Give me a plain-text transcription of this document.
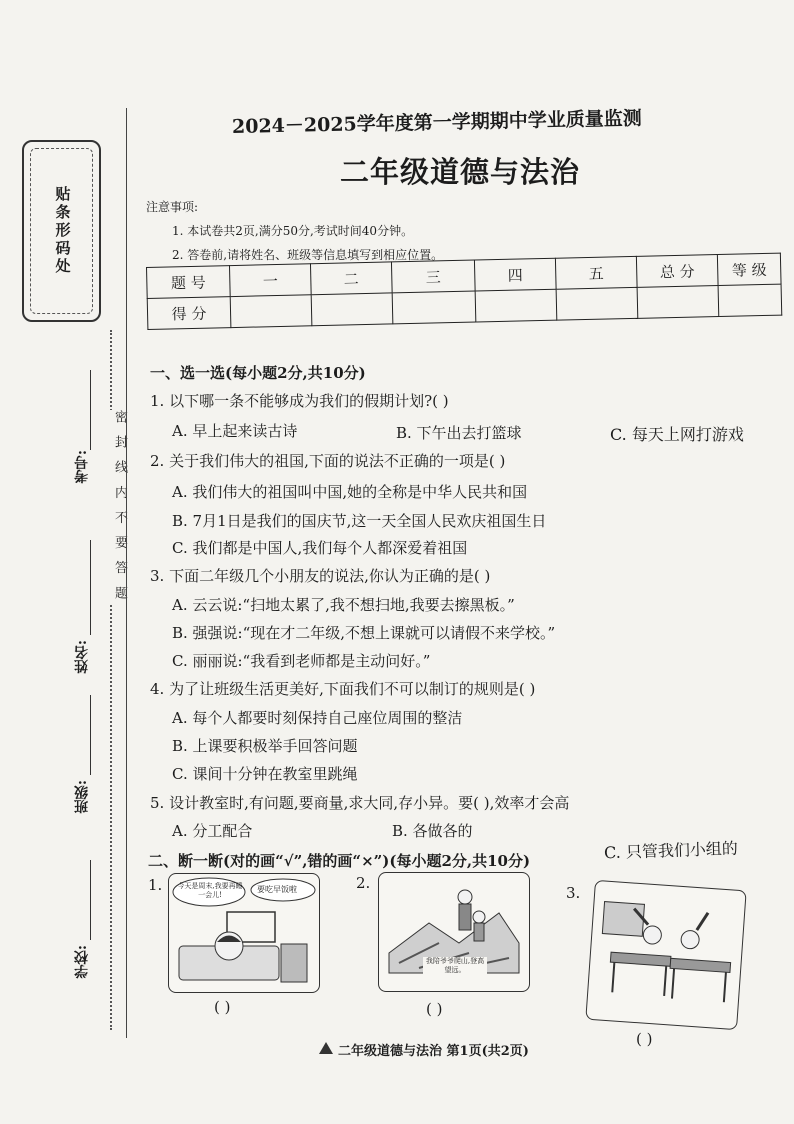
贴条形码处
考号:
姓名:
班级:
学校:
密 封 线 内 不 要 答 题
2024－2025学年度第一学期期中学业质量监测
二年级道德与法治
注意事项:
1. 本试卷共2页,满分50分,考试时间40分钟。
2. 答卷前,请将姓名、班级等信息填写到相应位置。
题 号	一	二	三	四	五	总 分	等 级
得 分							
一、选一选(每小题2分,共10分)
1. 以下哪一条不能够成为我们的假期计划?( )
A. 早上起来读古诗	B. 下午出去打篮球	C. 每天上网打游戏
2. 关于我们伟大的祖国,下面的说法不正确的一项是( )
A. 我们伟大的祖国叫中国,她的全称是中华人民共和国
B. 7月1日是我们的国庆节,这一天全国人民欢庆祖国生日
C. 我们都是中国人,我们每个人都深爱着祖国
3. 下面二年级几个小朋友的说法,你认为正确的是( )
A. 云云说:“扫地太累了,我不想扫地,我要去擦黑板。”
B. 强强说:“现在才二年级,不想上课就可以请假不来学校。”
C. 丽丽说:“我看到老师都是主动问好。”
4. 为了让班级生活更美好,下面我们不可以制订的规则是( )
A. 每个人都要时刻保持自己座位周围的整洁
B. 上课要积极举手回答问题
C. 课间十分钟在教室里跳绳
5. 设计教室时,有问题,要商量,求大同,存小异。要( ),效率才会高
A. 分工配合	B. 各做各的
C. 只管我们小组的
二、断一断(对的画“√”,错的画“×”)(每小题2分,共10分)
1. 今天是周末,我要再睡一会儿!
要吃早饭啦
( )
2.
我陪爷爷爬山,登高望远。
( )
3.
( )
二年级道德与法治 第1页(共2页)
